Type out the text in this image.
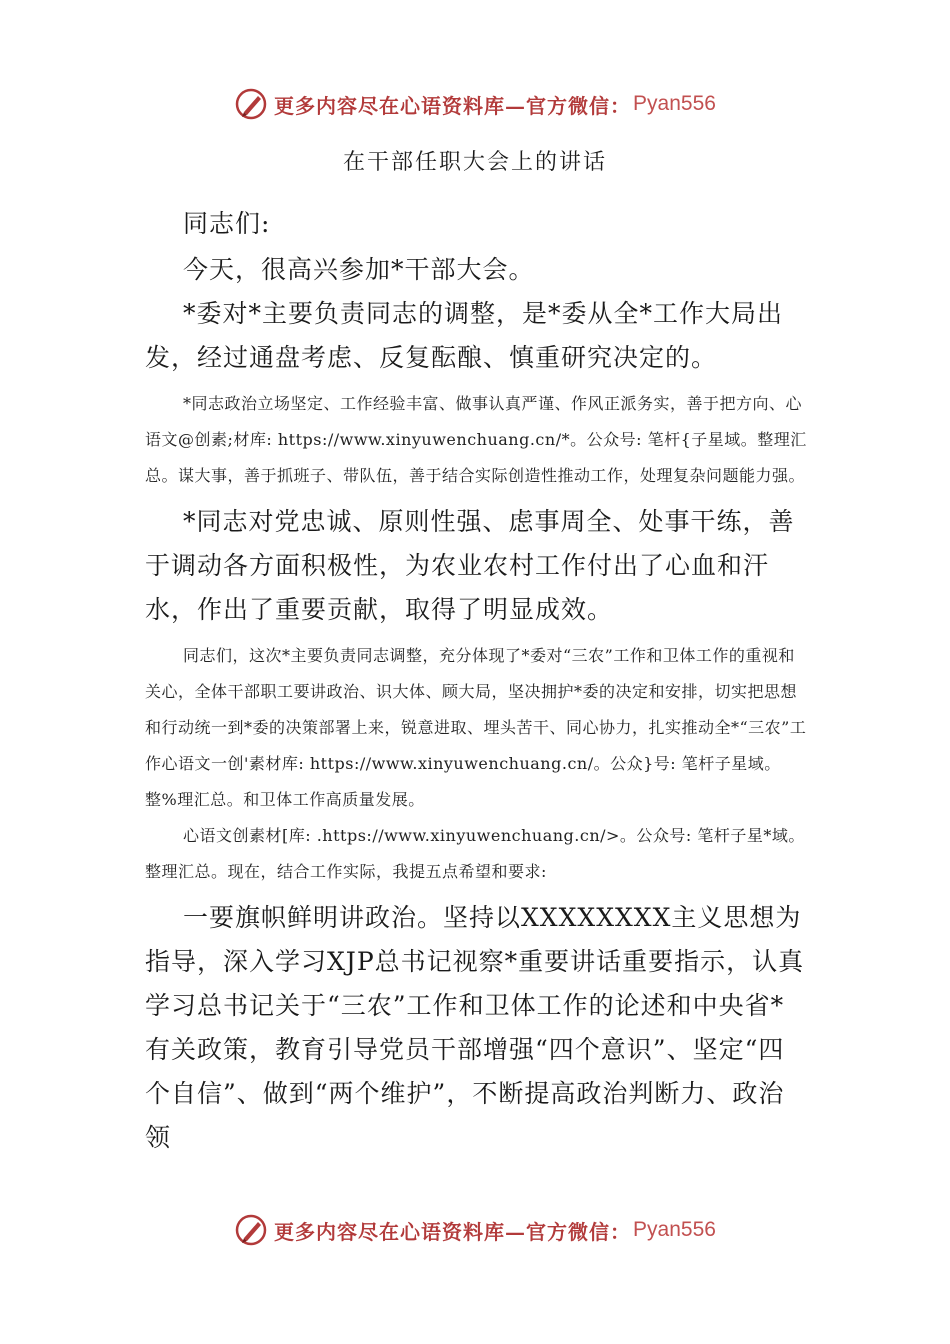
更多内容尽在心语资料库—官方微信： Pyan556
在干部任职大会上的讲话

同志们:

今天，很高兴参加*干部大会。

*委对*主要负责同志的调整，是*委从全*工作大局出发，经过通盘考虑、反复酝酿、慎重研究决定的。

*同志政治立场坚定、工作经验丰富、做事认真严谨、作风正派务实，善于把方向、心语文@创素;材库: https://www.xinyuwenchuang.cn/*。公众号: 笔杆{子星域。整理汇总。谋大事，善于抓班子、带队伍，善于结合实际创造性推动工作，处理复杂问题能力强。

*同志对党忠诚、原则性强、虑事周全、处事干练，善于调动各方面积极性，为农业农村工作付出了心血和汗水，作出了重要贡献，取得了明显成效。

同志们，这次*主要负责同志调整，充分体现了*委对“三农”工作和卫体工作的重视和关心，全体干部职工要讲政治、识大体、顾大局，坚决拥护*委的决定和安排，切实把思想和行动统一到*委的决策部署上来，锐意进取、埋头苦干、同心协力，扎实推动全*“三农”工作心语文一创'素材库: https://www.xinyuwenchuang.cn/。公众}号: 笔杆子星域。整%理汇总。和卫体工作高质量发展。

心语文创素材[库: .https://www.xinyuwenchuang.cn/>。公众号: 笔杆子星*域。整理汇总。现在，结合工作实际，我提五点希望和要求:

一要旗帜鲜明讲政治。坚持以XXXXXXXX主义思想为指导，深入学习XJP总书记视察*重要讲话重要指示，认真学习总书记关于“三农”工作和卫体工作的论述和中央省*有关政策，教育引导党员干部增强“四个意识”、坚定“四个自信”、做到“两个维护”，不断提高政治判断力、政治领

更多内容尽在心语资料库—官方微信： Pyan556
